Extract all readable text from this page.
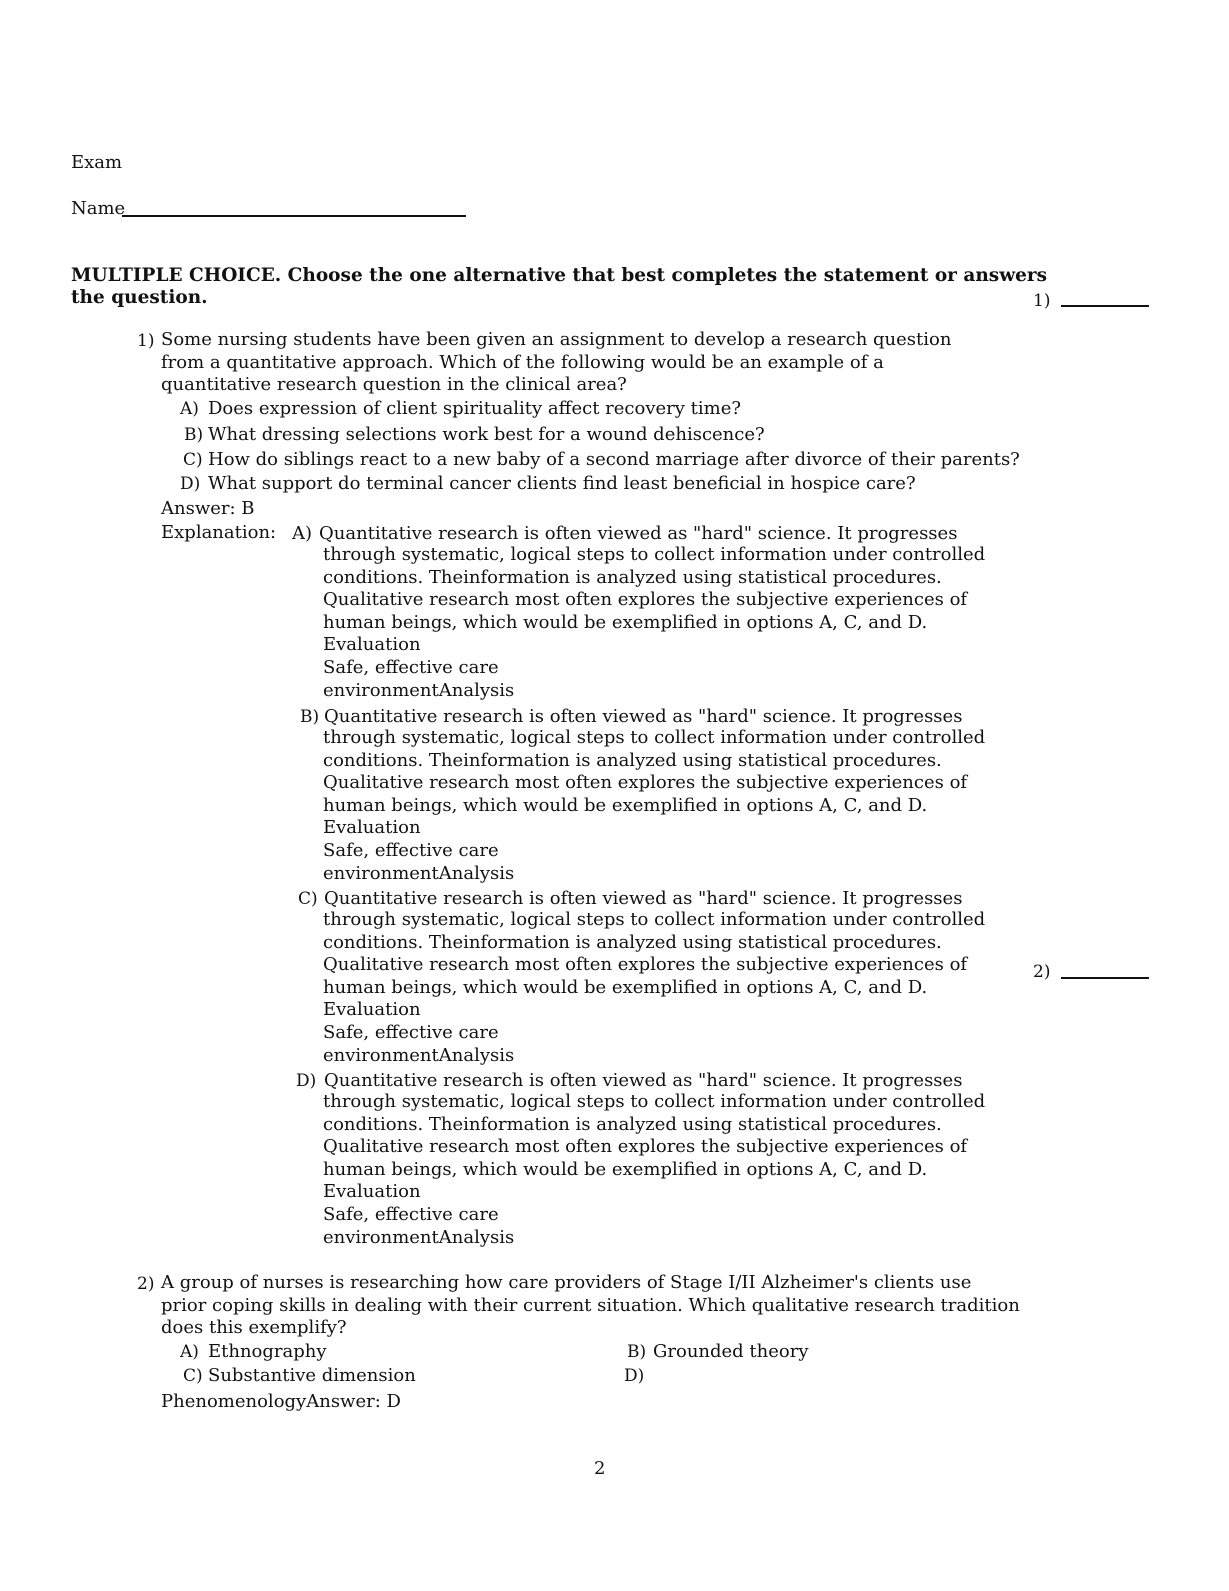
Exam
Name
MULTIPLE CHOICE. Choose the one alternative that best completes the statement or answers
the question.	1)
2)
1) Some nursing students have been given an assignment to develop a research question
from a quantitative approach. Which of the following would be an example of a
quantitative research question in the clinical area?
A) Does expression of client spirituality affect recovery time?
B) What dressing selections work best for a wound dehiscence?
C) How do siblings react to a new baby of a second marriage after divorce of their parents?
D) What support do terminal cancer clients find least beneficial in hospice care?
Answer: B
Explanation: A) Quantitative research is often viewed as "hard" science. It progresses
through systematic, logical steps to collect information under controlled
conditions. Theinformation is analyzed using statistical procedures.
Qualitative research most often explores the subjective experiences of
human beings, which would be exemplified in options A, C, and D.
Evaluation
Safe, effective care
environmentAnalysis
B) Quantitative research is often viewed as "hard" science. It progresses
through systematic, logical steps to collect information under controlled
conditions. Theinformation is analyzed using statistical procedures.
Qualitative research most often explores the subjective experiences of
human beings, which would be exemplified in options A, C, and D.
Evaluation
Safe, effective care
environmentAnalysis
C) Quantitative research is often viewed as "hard" science. It progresses
through systematic, logical steps to collect information under controlled
conditions. Theinformation is analyzed using statistical procedures.
Qualitative research most often explores the subjective experiences of
human beings, which would be exemplified in options A, C, and D.
Evaluation
Safe, effective care
environmentAnalysis
D) Quantitative research is often viewed as "hard" science. It progresses
through systematic, logical steps to collect information under controlled
conditions. Theinformation is analyzed using statistical procedures.
Qualitative research most often explores the subjective experiences of
human beings, which would be exemplified in options A, C, and D.
Evaluation
Safe, effective care
environmentAnalysis
2) A group of nurses is researching how care providers of Stage I/II Alzheimer's clients use
prior coping skills in dealing with their current situation. Which qualitative research tradition
does this exemplify?
A) Ethnography	B) Grounded theory
C) Substantive dimension	D)
PhenomenologyAnswer: D
2
